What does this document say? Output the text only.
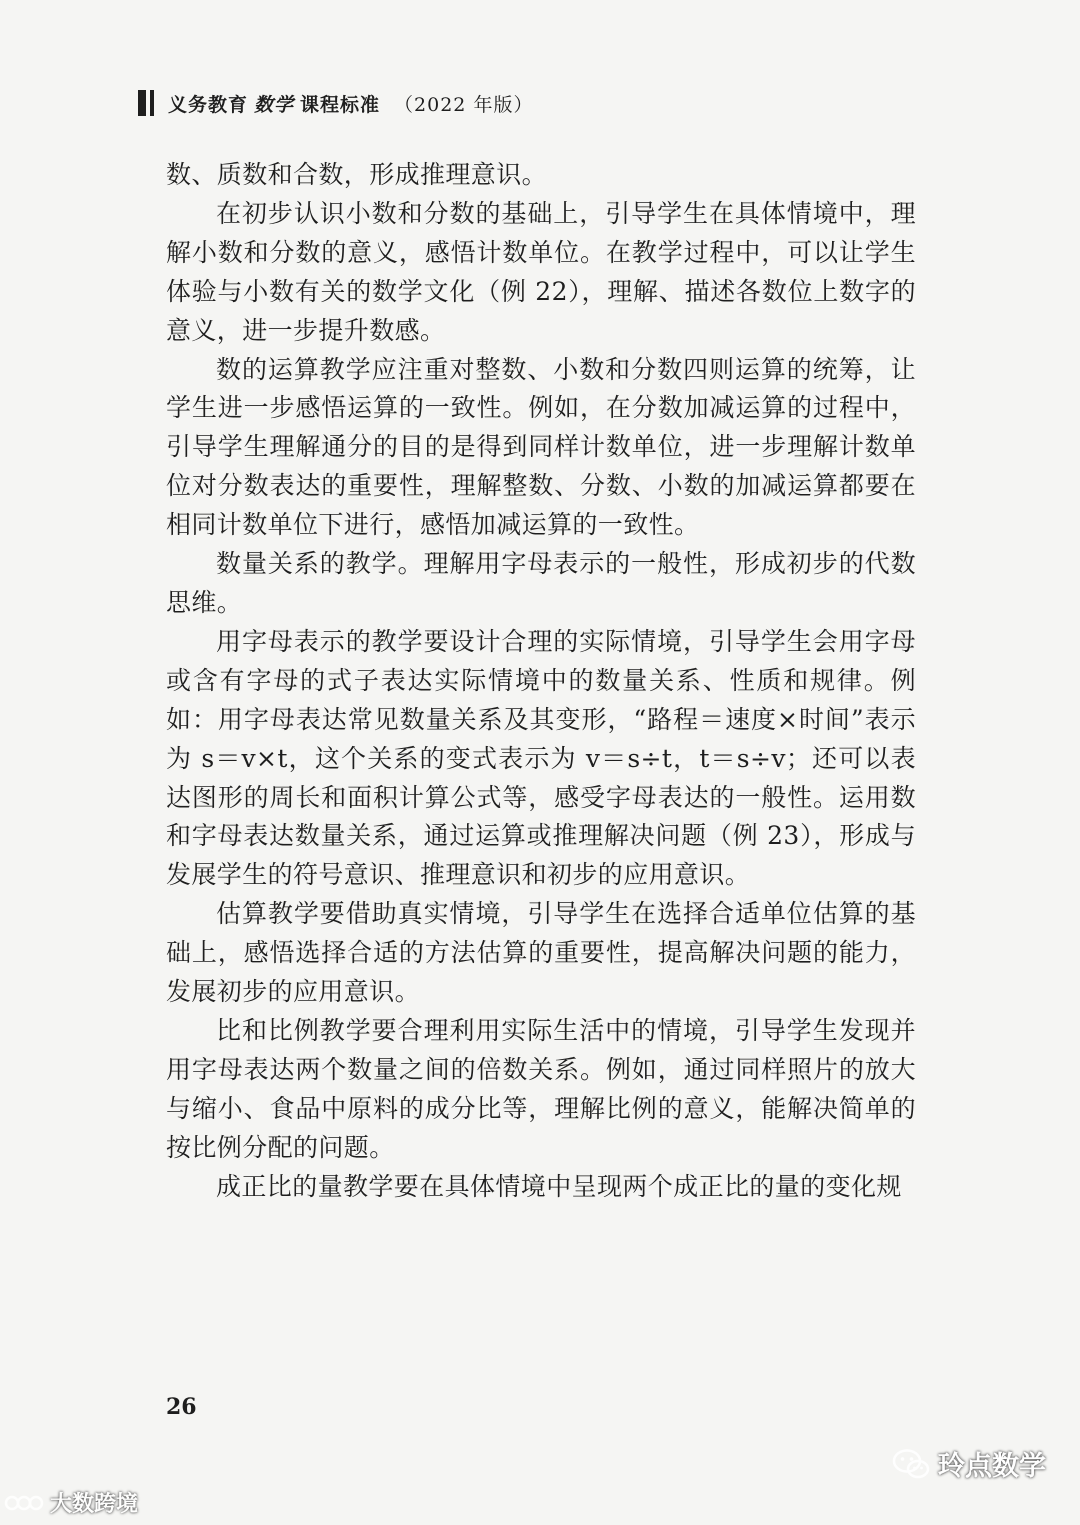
义务教育 数学 课程标准 （2022 年版）

数、质数和合数，形成推理意识。

在初步认识小数和分数的基础上，引导学生在具体情境中，理解小数和分数的意义，感悟计数单位。在教学过程中，可以让学生体验与小数有关的数学文化（例 22），理解、描述各数位上数字的意义，进一步提升数感。

数的运算教学应注重对整数、小数和分数四则运算的统筹，让学生进一步感悟运算的一致性。例如，在分数加减运算的过程中，引导学生理解通分的目的是得到同样计数单位，进一步理解计数单位对分数表达的重要性，理解整数、分数、小数的加减运算都要在相同计数单位下进行，感悟加减运算的一致性。

数量关系的教学。理解用字母表示的一般性，形成初步的代数思维。

用字母表示的教学要设计合理的实际情境，引导学生会用字母或含有字母的式子表达实际情境中的数量关系、性质和规律。例如：用字母表达常见数量关系及其变形，“路程＝速度×时间”表示为 s＝v×t，这个关系的变式表示为 v＝s÷t，t＝s÷v；还可以表达图形的周长和面积计算公式等，感受字母表达的一般性。运用数和字母表达数量关系，通过运算或推理解决问题（例 23），形成与发展学生的符号意识、推理意识和初步的应用意识。

估算教学要借助真实情境，引导学生在选择合适单位估算的基础上，感悟选择合适的方法估算的重要性，提高解决问题的能力，发展初步的应用意识。

比和比例教学要合理利用实际生活中的情境，引导学生发现并用字母表达两个数量之间的倍数关系。例如，通过同样照片的放大与缩小、食品中原料的成分比等，理解比例的意义，能解决简单的按比例分配的问题。

成正比的量教学要在具体情境中呈现两个成正比的量的变化规

26
大数跨境
玲点数学
